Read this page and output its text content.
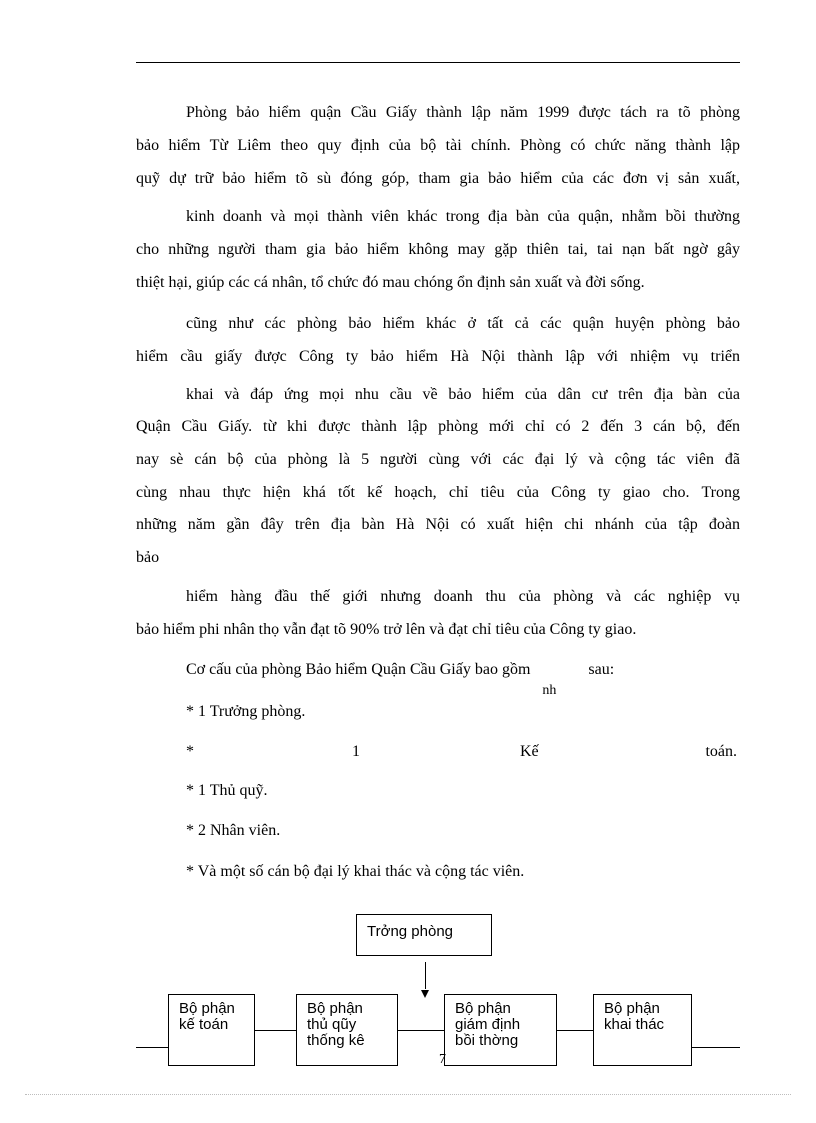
Phòng bảo hiểm quận Cầu Giấy thành lập năm 1999 được tách ra tõ phòng
bảo hiểm Từ Liêm theo quy định của bộ tài chính. Phòng có chức năng thành lập
quỹ dự trữ bảo hiểm tõ sù đóng góp, tham gia bảo hiểm của các đơn vị sản xuất,
kinh doanh và mọi thành viên khác trong địa bàn của quận, nhằm bồi thường
cho những người tham gia bảo hiểm không may gặp thiên tai, tai nạn bất ngờ gây
thiệt hại, giúp các cá nhân, tổ chức đó mau chóng ổn định sản xuất và đời sống.
cũng như các phòng bảo hiểm khác ở tất cả các quận huyện phòng bảo
hiểm cầu giấy được Công ty bảo hiểm Hà Nội thành lập với nhiệm vụ triển
khai và đáp ứng mọi nhu cầu về bảo hiểm của dân cư trên địa bàn của
Quận Cầu Giấy. từ khi được thành lập phòng mới chỉ có 2 đến 3 cán bộ, đến
nay sè cán bộ của phòng là 5 người cùng với các đại lý và cộng tác viên đã
cùng nhau thực hiện khá tốt kế hoạch, chỉ tiêu của Công ty giao cho. Trong
những năm gần đây trên địa bàn Hà Nội có xuất hiện chi nhánh của tập đoàn
bảo
hiểm hàng đầu thế giới nhưng doanh thu của phòng và các nghiệp vụ
bảo hiểm phi nhân thọ vẫn đạt tõ 90% trở lên và đạt chỉ tiêu của Công ty giao.
Cơ cấu của phòng Bảo hiểm Quận Cầu Giấy bao gồm
nh
sau:
* 1 Trưởng phòng.
*	1	Kế	toán.
* 1 Thủ quỹ.
* 2 Nhân viên.
* Và một số cán bộ đại lý khai thác và cộng tác viên.
Trởng phòng
Bộ phận
kế toán
Bộ phận
thủ qũy
thống kê
Bộ phận
giám định
bồi thờng
Bộ phận
khai thác
7
